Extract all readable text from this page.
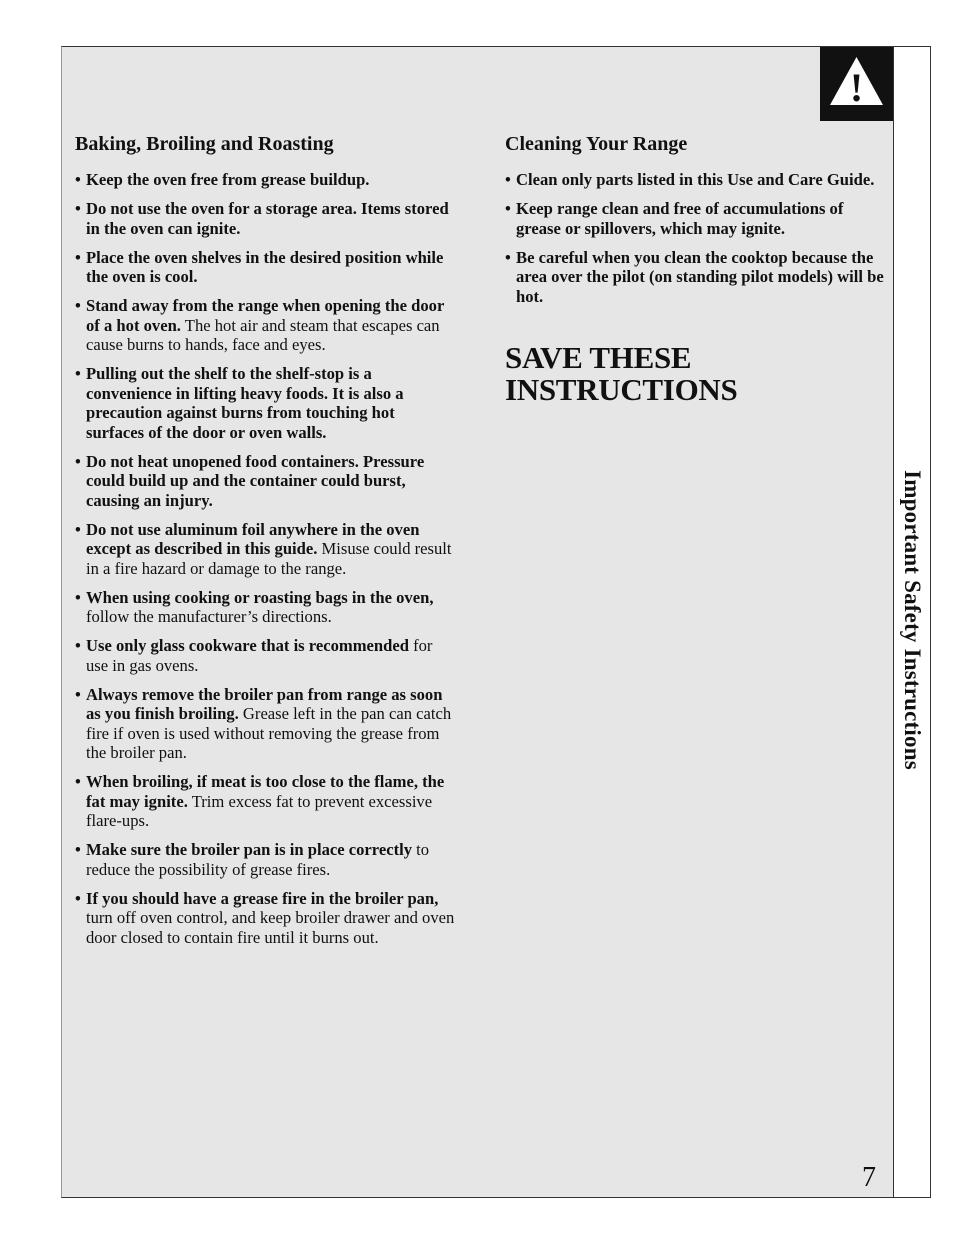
Important Safety Instructions
!
Baking, Broiling and Roasting
• Keep the oven free from grease buildup.
• Do not use the oven for a storage area. Items stored in the oven can ignite.
• Place the oven shelves in the desired position while the oven is cool.
• Stand away from the range when opening the door of a hot oven. The hot air and steam that escapes can cause burns to hands, face and eyes.
• Pulling out the shelf to the shelf-stop is a convenience in lifting heavy foods. It is also a precaution against burns from touching hot surfaces of the door or oven walls.
• Do not heat unopened food containers. Pressure could build up and the container could burst, causing an injury.
• Do not use aluminum foil anywhere in the oven except as described in this guide. Misuse could result in a fire hazard or damage to the range.
• When using cooking or roasting bags in the oven, follow the manufacturer’s directions.
• Use only glass cookware that is recommended for use in gas ovens.
• Always remove the broiler pan from range as soon as you finish broiling. Grease left in the pan can catch fire if oven is used without removing the grease from the broiler pan.
• When broiling, if meat is too close to the flame, the fat may ignite. Trim excess fat to prevent excessive flare-ups.
• Make sure the broiler pan is in place correctly to reduce the possibility of grease fires.
• If you should have a grease fire in the broiler pan, turn off oven control, and keep broiler drawer and oven door closed to contain fire until it burns out.
Cleaning Your Range
• Clean only parts listed in this Use and Care Guide.
• Keep range clean and free of accumulations of grease or spillovers, which may ignite.
• Be careful when you clean the cooktop because the area over the pilot (on standing pilot models) will be hot.
SAVE THESE
INSTRUCTIONS
7
